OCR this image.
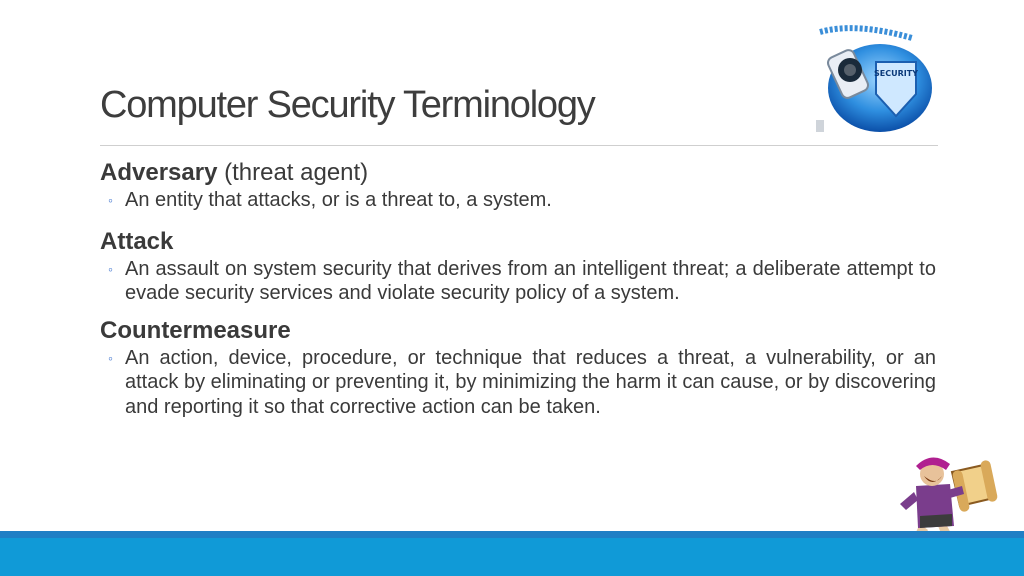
Computer Security Terminology
SECURITY
Adversary (threat agent)
◦ An entity that attacks, or is a threat to, a system.
Attack
◦ An assault on system security that derives from an intelligent threat; a deliberate attempt to evade security services and violate security policy of a system.
Countermeasure
◦ An action, device, procedure, or technique that reduces a threat, a vulnerability, or an attack by eliminating or preventing it, by minimizing the harm it can cause, or by discovering and reporting it so that corrective action can be taken.
